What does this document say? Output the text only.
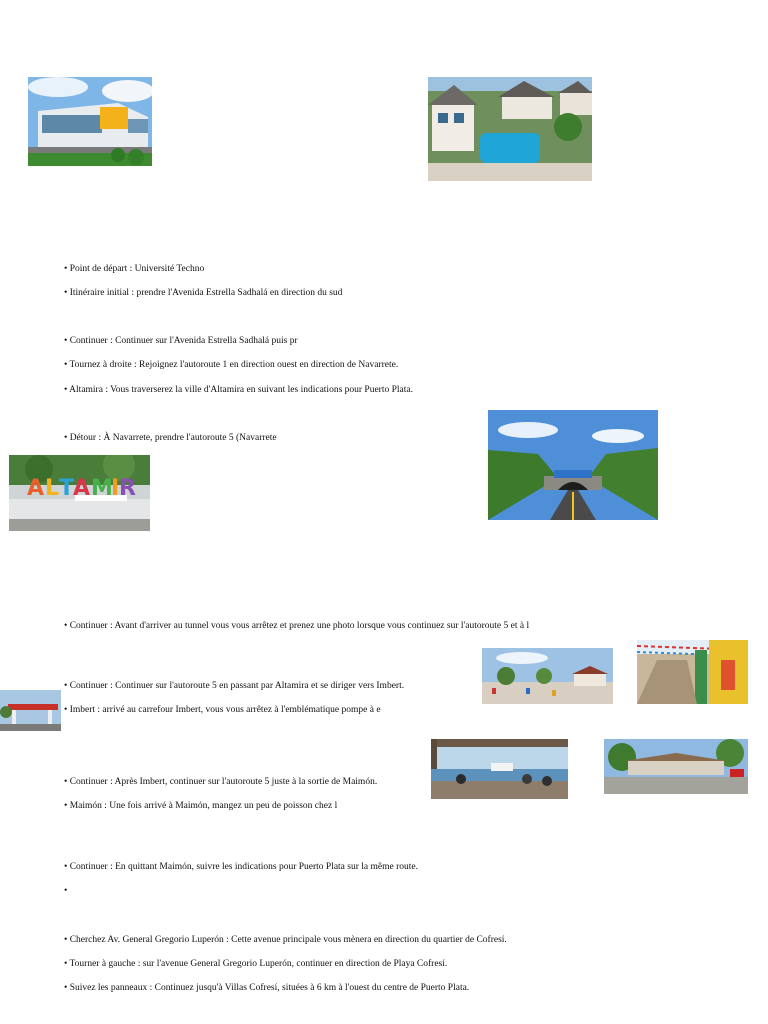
A L T
A M
I R
• Point de départ : Université Techno
• Itinéraire initial : prendre l'Avenida Estrella Sadhalá en direction du sud
• Continuer : Continuer sur l'Avenida Estrella Sadhalá puis pr
• Tournez à droite : Rejoignez l'autoroute 1 en direction ouest en direction de Navarrete.
• Altamira : Vous traverserez la ville d'Altamira en suivant les indications pour Puerto Plata.
• Détour : À Navarrete, prendre l'autoroute 5 (Navarrete
• Continuer : Avant d'arriver au tunnel vous vous arrêtez et prenez une photo lorsque vous continuez sur l'autoroute 5 et à l
• Continuer : Continuer sur l'autoroute 5 en passant par Altamira et se diriger vers Imbert.
• Imbert : arrivé au carrefour Imbert, vous vous arrêtez à l'emblématique pompe à e
• Continuer : Après Imbert, continuer sur l'autoroute 5 juste à la sortie de Maimón.
• Maimón : Une fois arrivé à Maimón, mangez un peu de poisson chez l
• Continuer : En quittant Maimón, suivre les indications pour Puerto Plata sur la même route.
•
• Cherchez Av. General Gregorio Luperón : Cette avenue principale vous mènera en direction du quartier de Cofresí.
• Tourner à gauche : sur l'avenue General Gregorio Luperón, continuer en direction de Playa Cofresí.
• Suivez les panneaux : Continuez jusqu'à Villas Cofresí, situées à 6 km à l'ouest du centre de Puerto Plata.
